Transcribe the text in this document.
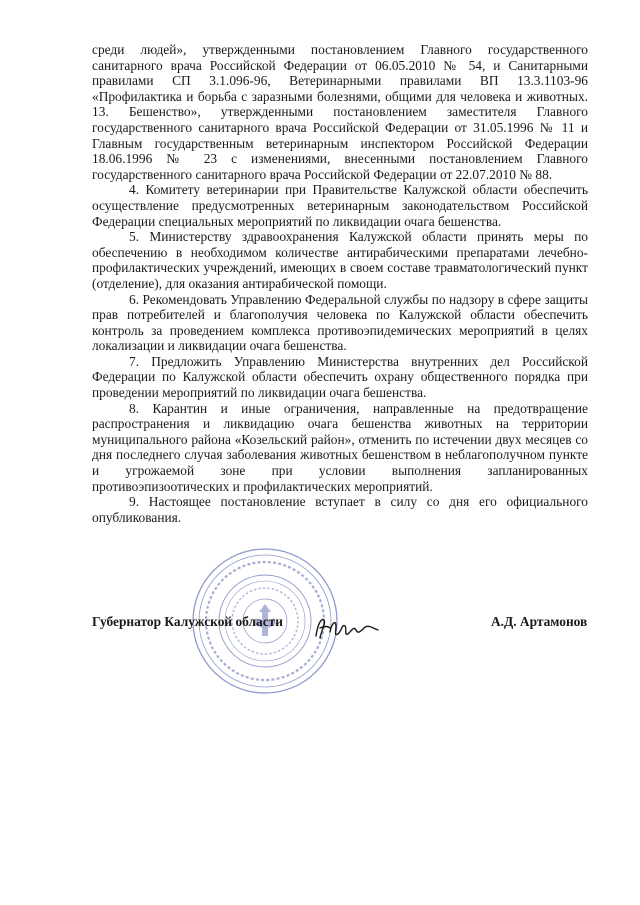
среди людей», утвержденными постановлением Главного государственного санитарного врача Российской Федерации от 06.05.2010 № 54, и Санитарными правилами СП 3.1.096-96, Ветеринарными правилами ВП 13.3.1103-96 «Профилактика и борьба с заразными болезнями, общими для человека и животных. 13. Бешенство», утвержденными постановлением заместителя Главного государственного санитарного врача Российской Федерации от 31.05.1996 № 11 и Главным государственным ветеринарным инспектором Российской Федерации 18.06.1996 № 23 с изменениями, внесенными постановлением Главного государственного санитарного врача Российской Федерации от 22.07.2010 № 88.

4. Комитету ветеринарии при Правительстве Калужской области обеспечить осуществление предусмотренных ветеринарным законодательством Российской Федерации специальных мероприятий по ликвидации очага бешенства.

5. Министерству здравоохранения Калужской области принять меры по обеспечению в необходимом количестве антирабическими препаратами лечебно-профилактических учреждений, имеющих в своем составе травматологический пункт (отделение), для оказания антирабической помощи.

6. Рекомендовать Управлению Федеральной службы по надзору в сфере защиты прав потребителей и благополучия человека по Калужской области обеспечить контроль за проведением комплекса противоэпидемических мероприятий в целях локализации и ликвидации очага бешенства.

7. Предложить Управлению Министерства внутренних дел Российской Федерации по Калужской области обеспечить охрану общественного порядка при проведении мероприятий по ликвидации очага бешенства.

8. Карантин и иные ограничения, направленные на предотвращение распространения и ликвидацию очага бешенства животных на территории муниципального района «Козельский район», отменить по истечении двух месяцев со дня последнего случая заболевания животных бешенством в неблагополучном пункте и угрожаемой зоне при условии выполнения запланированных противоэпизоотических и профилактических мероприятий.

9. Настоящее постановление вступает в силу со дня его официального опубликования.

Губернатор Калужской области	А.Д. Артамонов
